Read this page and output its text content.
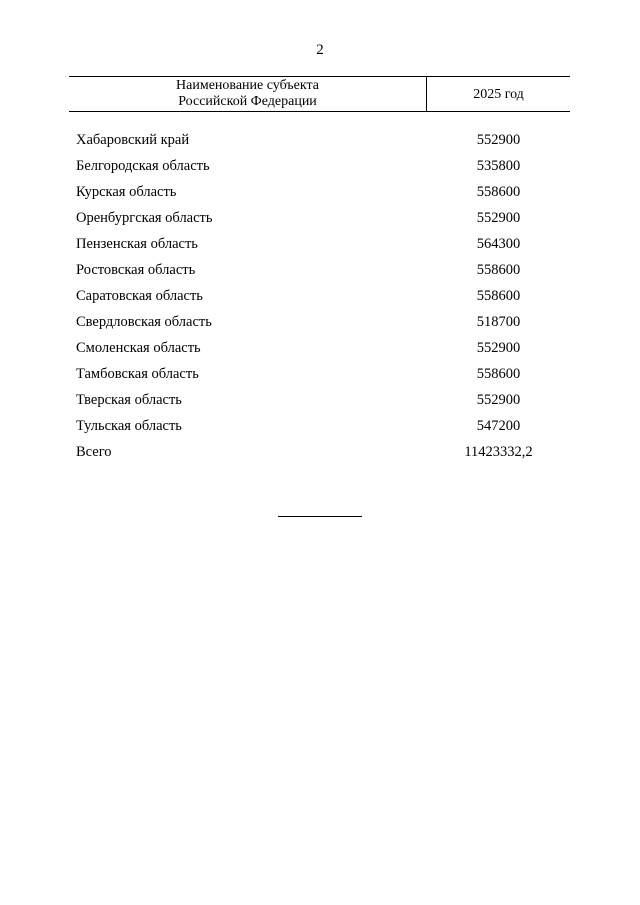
2
Наименование субъекта
Российской Федерации	2025 год
Хабаровский край	552900
Белгородская область	535800
Курская область	558600
Оренбургская область	552900
Пензенская область	564300
Ростовская область	558600
Саратовская область	558600
Свердловская область	518700
Смоленская область	552900
Тамбовская область	558600
Тверская область	552900
Тульская область	547200
Всего	11423332,2
